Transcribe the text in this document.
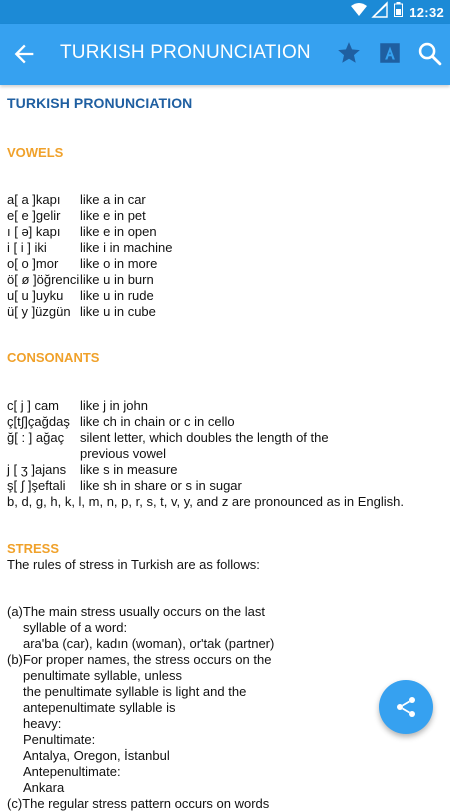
12:32
TURKISH PRONUNCIATION
TURKISH PRONUNCIATION
VOWELS
a[ a ]kapı like a in car
e[ e ]gelir like e in pet
ı [ ə] kapı like e in open
i [ i ] iki	like i in machine
o[ o ]mor like o in more
ö[ ø ]öğrenci like u in burn
u[ u ]uyku like u in rude
ü[ y ]üzgün like u in cube
CONSONANTS
c[ j ] cam like j in john
ç[t∫]çağdaş like ch in chain or c in cello
ğ[ : ] ağaç silent letter, which doubles the length of the
previous vowel
j [ ʒ ]ajans like s in measure
ş[ ∫ ]şeftali like sh in share or s in sugar
b, d, g, h, k, l, m, n, p, r, s, t, v, y, and z are pronounced as in English.
STRESS
The rules of stress in Turkish are as follows:
(a)The main stress usually occurs on the last
syllable of a word:
ara'ba (car), kadın (woman), or'tak (partner)
(b)For proper names, the stress occurs on the
penultimate syllable, unless
the penultimate syllable is light and the
antepenultimate syllable is
heavy:
Penultimate:
Antalya, Oregon, İstanbul
Antepenultimate:
Ankara
(c)The regular stress pattern occurs on words
